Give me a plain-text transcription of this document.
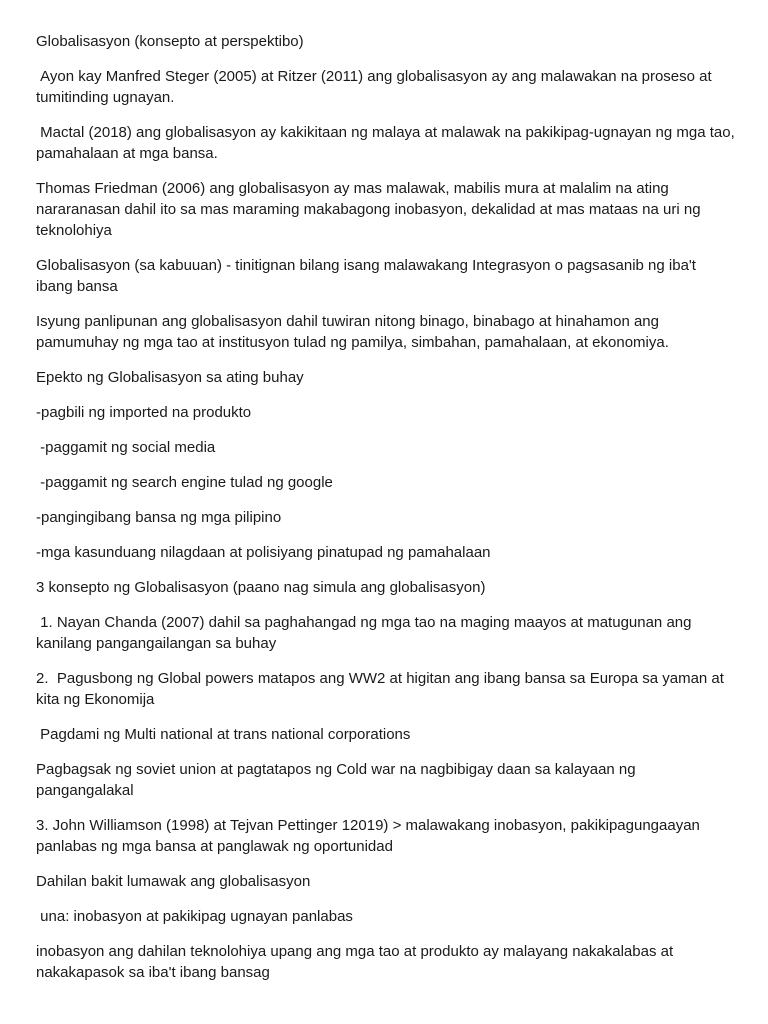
Globalisasyon (konsepto at perspektibo)

Ayon kay Manfred Steger (2005) at Ritzer (2011) ang globalisasyon ay ang malawakan na proseso at tumitinding ugnayan.

Mactal (2018) ang globalisasyon ay kakikitaan ng malaya at malawak na pakikipag-ugnayan ng mga tao, pamahalaan at mga bansa.

Thomas Friedman (2006) ang globalisasyon ay mas malawak, mabilis mura at malalim na ating nararanasan dahil ito sa mas maraming makabagong inobasyon, dekalidad at mas mataas na uri ng teknolohiya

Globalisasyon (sa kabuuan) - tinitignan bilang isang malawakang Integrasyon o pagsasanib ng iba't ibang bansa

Isyung panlipunan ang globalisasyon dahil tuwiran nitong binago, binabago at hinahamon ang pamumuhay ng mga tao at institusyon tulad ng pamilya, simbahan, pamahalaan, at ekonomiya.

Epekto ng Globalisasyon sa ating buhay

-pagbili ng imported na produkto

-paggamit ng social media

-paggamit ng search engine tulad ng google

-pangingibang bansa ng mga pilipino

-mga kasunduang nilagdaan at polisiyang pinatupad ng pamahalaan

3 konsepto ng Globalisasyon (paano nag simula ang globalisasyon)

1. Nayan Chanda (2007) dahil sa paghahangad ng mga tao na maging maayos at matugunan ang kanilang pangangailangan sa buhay

2.  Pagusbong ng Global powers matapos ang WW2 at higitan ang ibang bansa sa Europa sa yaman at kita ng Ekonomija

Pagdami ng Multi national at trans national corporations

Pagbagsak ng soviet union at pagtatapos ng Cold war na nagbibigay daan sa kalayaan ng pangangalakal

3. John Williamson (1998) at Tejvan Pettinger 12019) > malawakang inobasyon, pakikipagungaayan panlabas ng mga bansa at panglawak ng oportunidad

Dahilan bakit lumawak ang globalisasyon

una: inobasyon at pakikipag ugnayan panlabas

inobasyon ang dahilan teknolohiya upang ang mga tao at produkto ay malayang nakakalabas at nakakapasok sa iba't ibang bansag
